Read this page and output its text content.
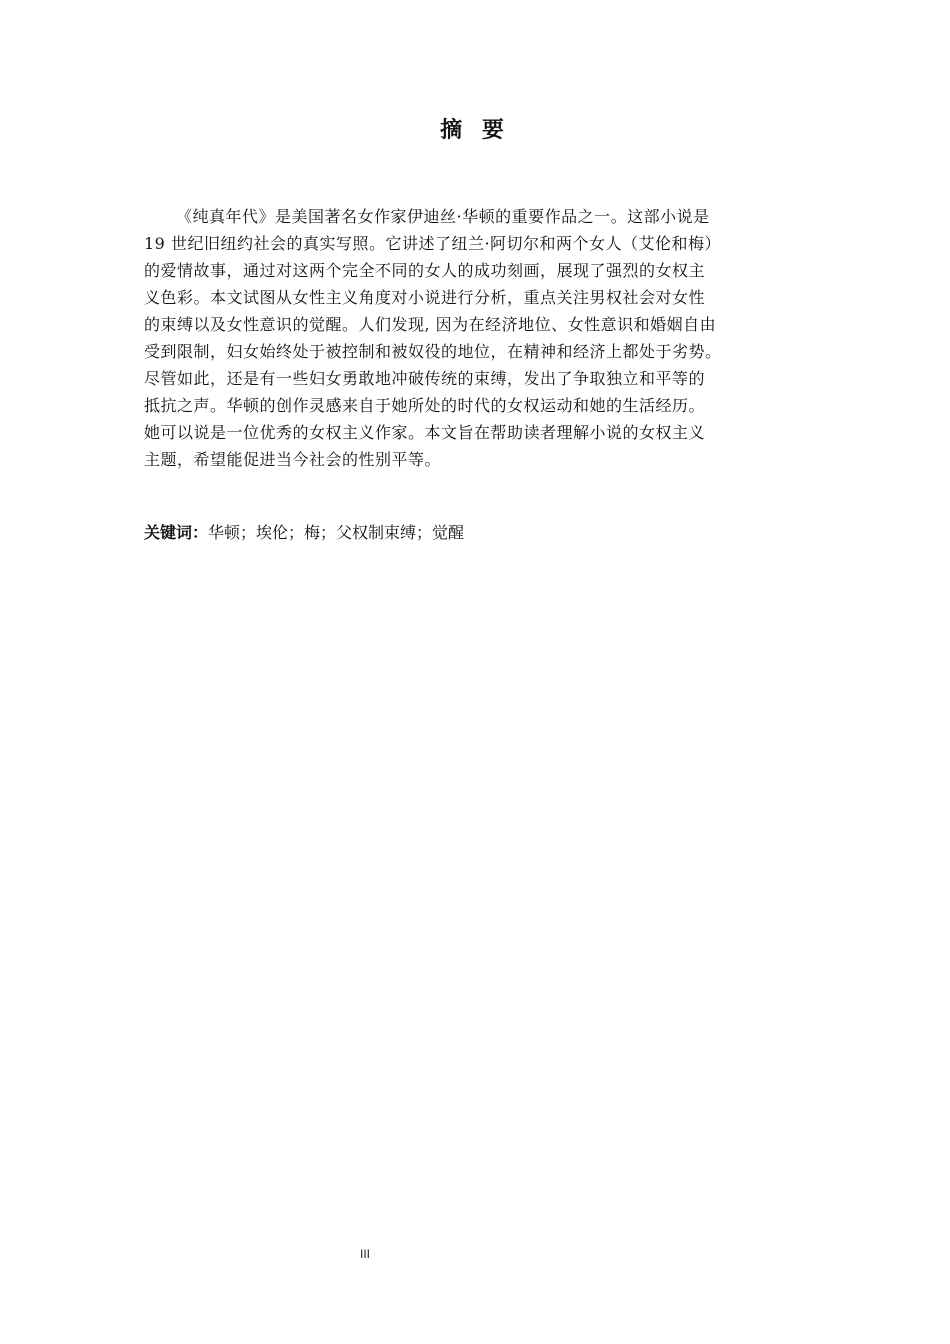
摘 要
《纯真年代》是美国著名女作家伊迪丝·华顿的重要作品之一。这部小说是
19 世纪旧纽约社会的真实写照。它讲述了纽兰·阿切尔和两个女人（艾伦和梅）
的爱情故事，通过对这两个完全不同的女人的成功刻画，展现了强烈的女权主
义色彩。本文试图从女性主义角度对小说进行分析，重点关注男权社会对女性
的束缚以及女性意识的觉醒。人们发现, 因为在经济地位、女性意识和婚姻自由
受到限制，妇女始终处于被控制和被奴役的地位，在精神和经济上都处于劣势。
尽管如此，还是有一些妇女勇敢地冲破传统的束缚，发出了争取独立和平等的
抵抗之声。华顿的创作灵感来自于她所处的时代的女权运动和她的生活经历。
她可以说是一位优秀的女权主义作家。本文旨在帮助读者理解小说的女权主义
主题，希望能促进当今社会的性别平等。
关键词：华顿；埃伦；梅；父权制束缚；觉醒
III
